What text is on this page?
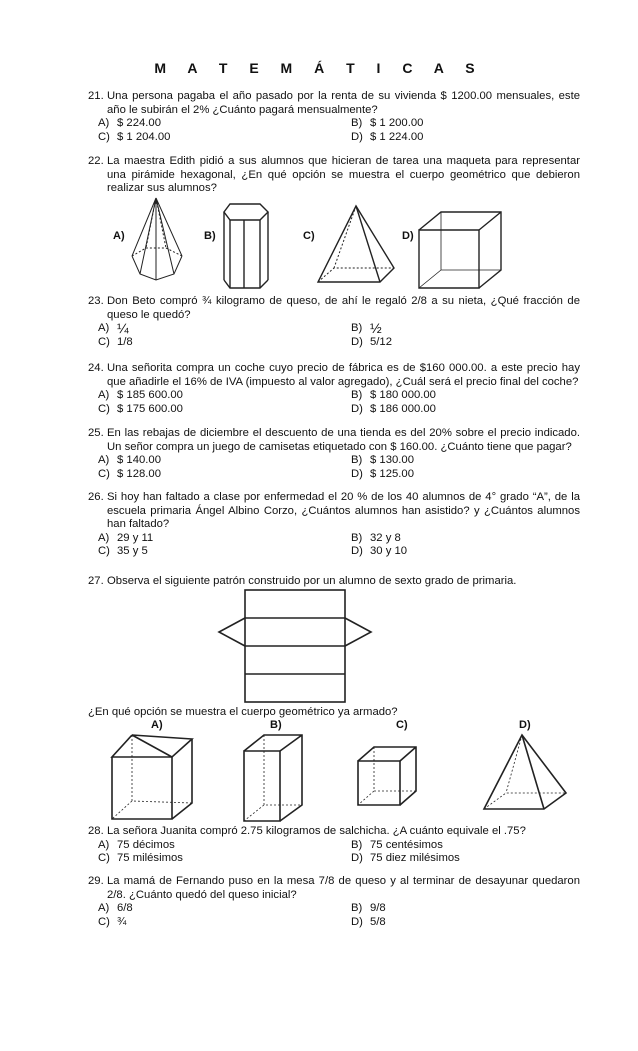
M A T E M Á T I C A S
21. Una persona pagaba el año pasado por la renta de su vivienda $ 1200.00 mensuales, este año le subirán el 2% ¿Cuánto pagará mensualmente?
A) $ 224.00	B) $ 1 200.00
C) $ 1 204.00	D) $ 1 224.00
22. La maestra Edith pidió a sus alumnos que hicieran de tarea una maqueta para representar una pirámide hexagonal, ¿En qué opción se muestra el cuerpo geométrico que debieron realizar sus alumnos?
A)	B)	C)	D)
23. Don Beto compró ¾ kilogramo de queso, de ahí le regaló 2/8 a su nieta, ¿Qué fracción de queso le quedó?
A) ¼	B) ½
C) 1/8	D) 5/12
24. Una señorita compra un coche cuyo precio de fábrica es de $160 000.00. a este precio hay que añadirle el 16% de IVA (impuesto al valor agregado), ¿Cuál será el precio final del coche?
A) $ 185 600.00	B) $ 180 000.00
C) $ 175 600.00	D) $ 186 000.00
25. En las rebajas de diciembre el descuento de una tienda es del 20% sobre el precio indicado. Un señor compra un juego de camisetas etiquetado con $ 160.00. ¿Cuánto tiene que pagar?
A) $ 140.00	B) $ 130.00
C) $ 128.00	D) $ 125.00
26. Si hoy han faltado a clase por enfermedad el 20 % de los 40 alumnos de 4° grado “A”, de la escuela primaria Ángel Albino Corzo, ¿Cuántos alumnos han asistido? y ¿Cuántos alumnos han faltado?
A) 29 y 11	B) 32 y 8
C) 35 y 5	D) 30 y 10
27. Observa el siguiente patrón construido por un alumno de sexto grado de primaria.
¿En qué opción se muestra el cuerpo geométrico ya armado?
A)	B)	C)	D)
28. La señora Juanita compró 2.75 kilogramos de salchicha. ¿A cuánto equivale el .75?
A) 75 décimos	B) 75 centésimos
C) 75 milésimos	D) 75 diez milésimos
29. La mamá de Fernando puso en la mesa 7/8 de queso y al terminar de desayunar quedaron 2/8. ¿Cuánto quedó del queso inicial?
A) 6/8	B) 9/8
C) ¾	D) 5/8
